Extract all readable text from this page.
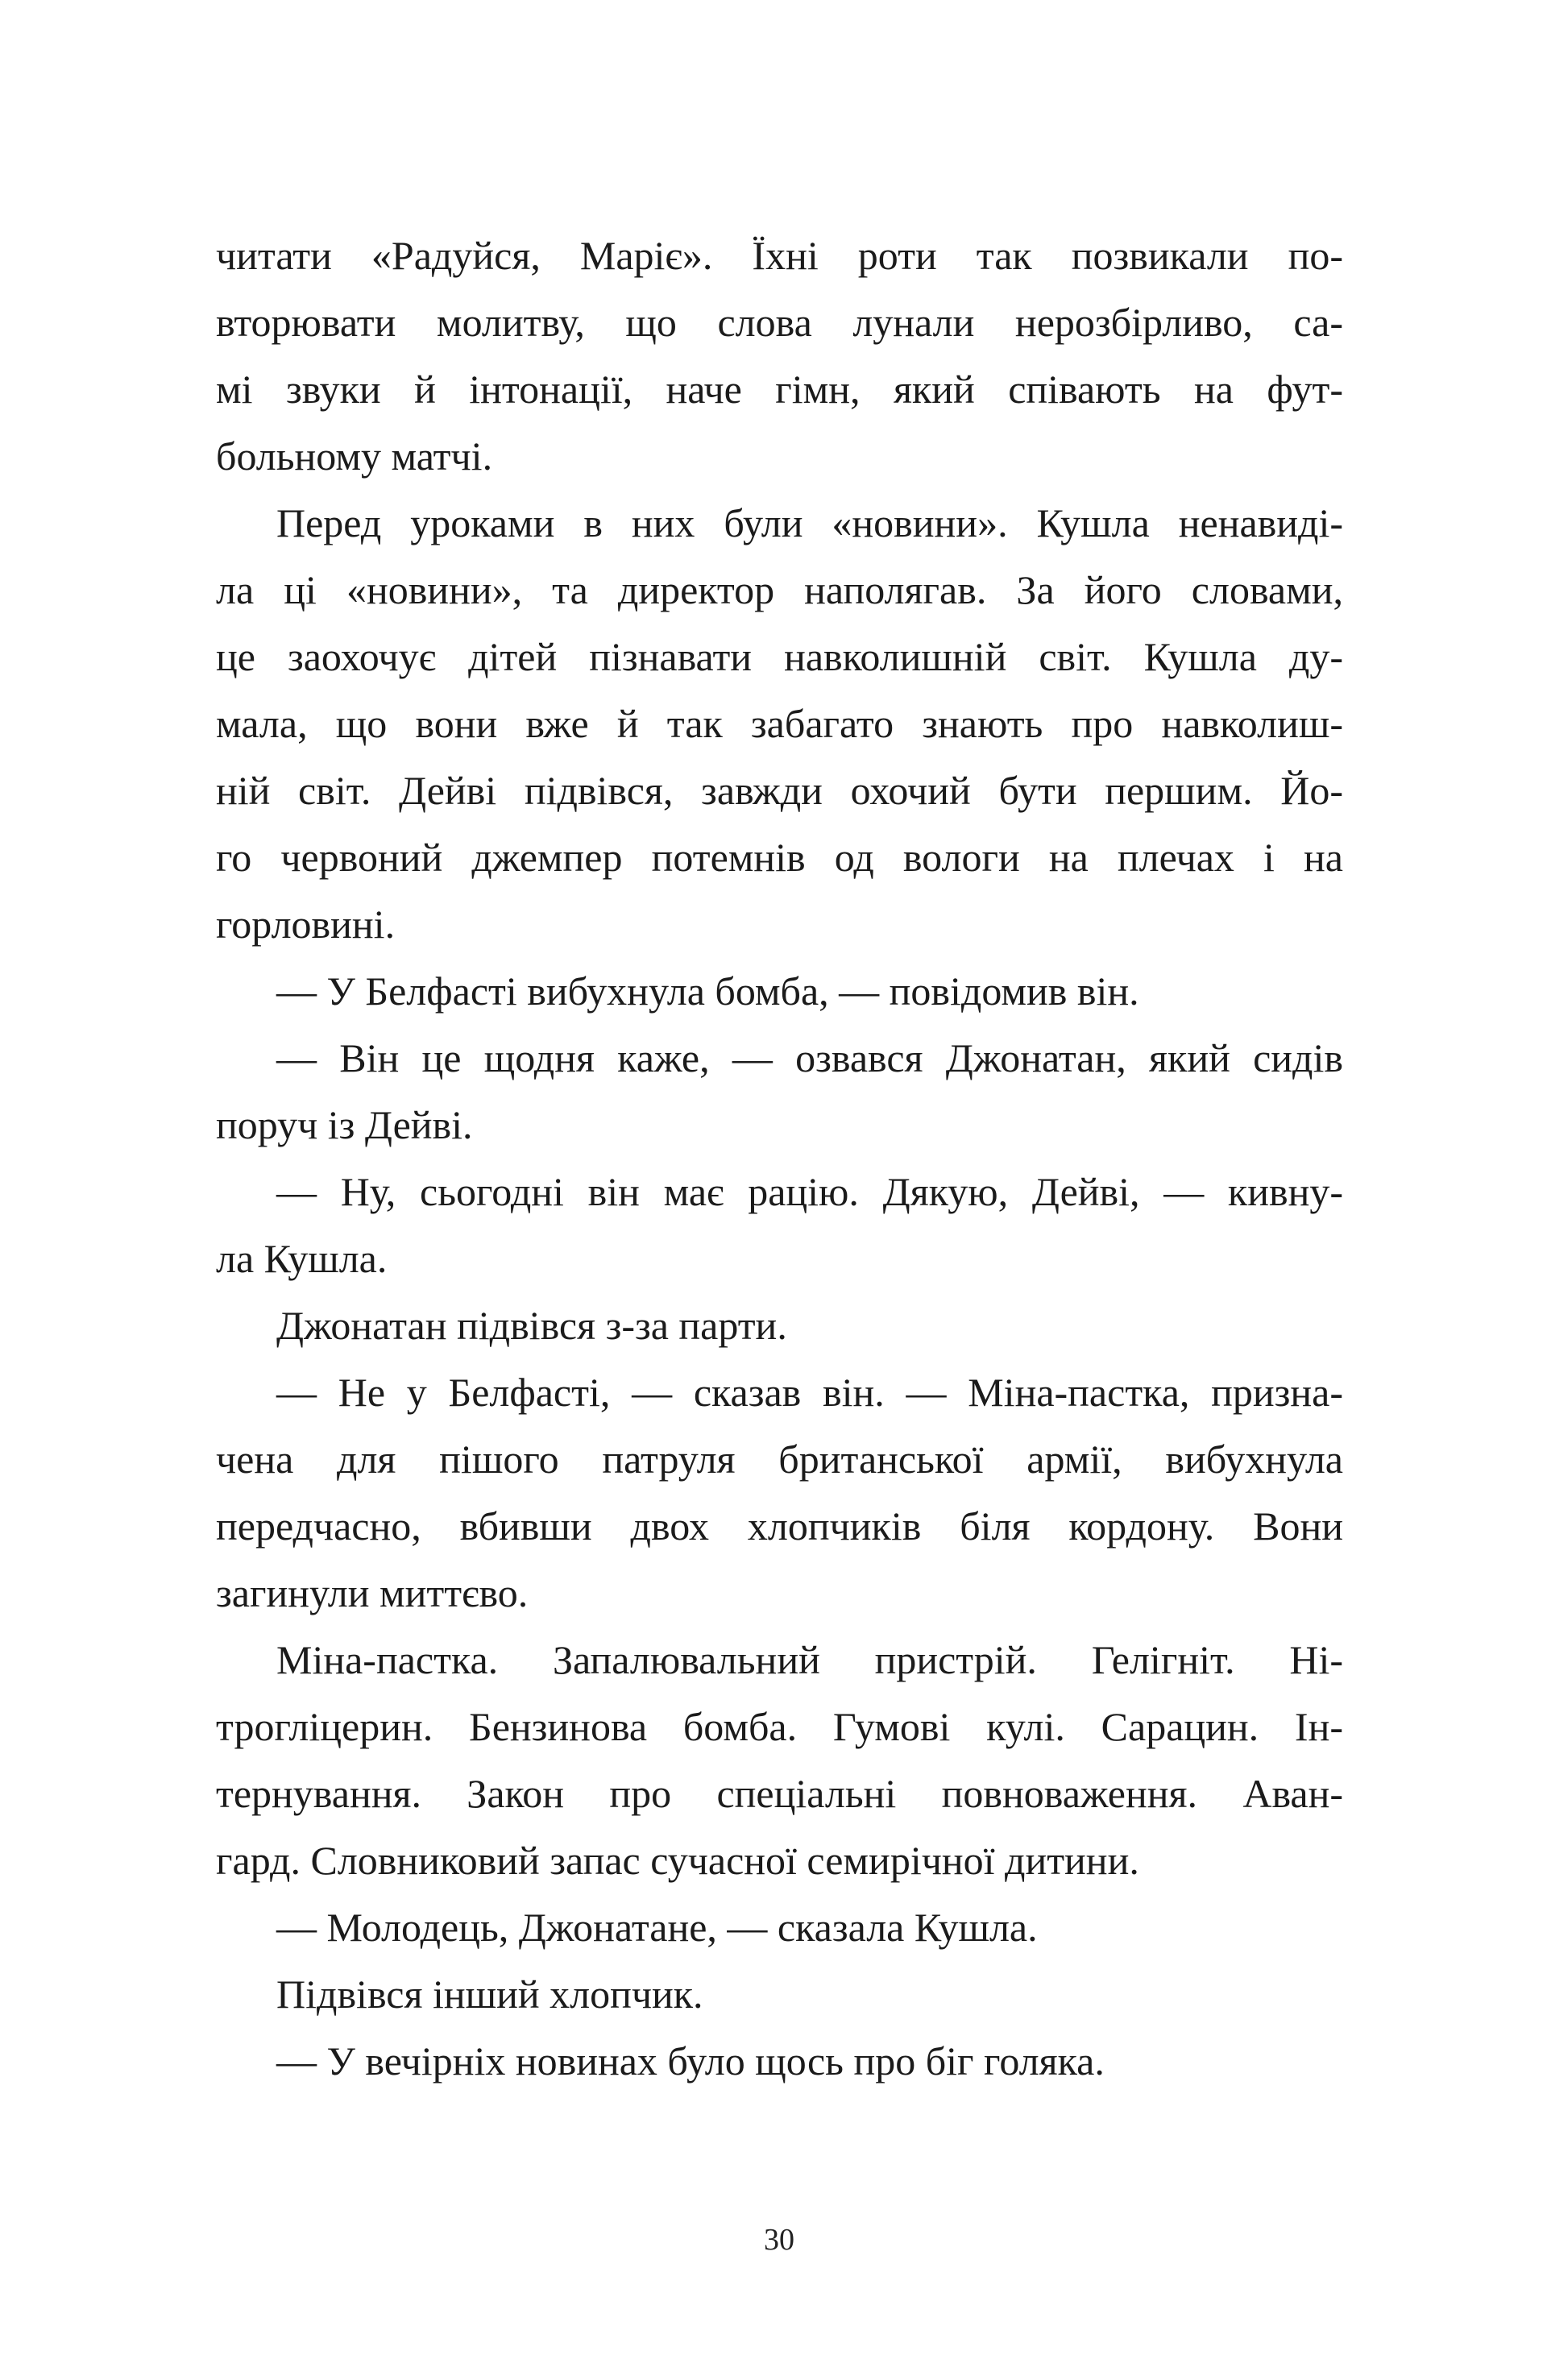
читати «Радуйся, Маріє». Їхні роти так позвикали по-
вторювати молитву, що слова лунали нерозбірливо, са-
мі звуки й інтонації, наче гімн, який співають на фут-
больному матчі.
Перед уроками в них були «новини». Кушла ненавиді-
ла ці «новини», та директор наполягав. За його словами,
це заохочує дітей пізнавати навколишній світ. Кушла ду-
мала, що вони вже й так забагато знають про навколиш-
ній світ. Дейві підвівся, завжди охочий бути першим. Йо-
го червоний джемпер потемнів од вологи на плечах і на
горловині.
— У Белфасті вибухнула бомба, — повідомив він.
— Він це щодня каже, — озвався Джонатан, який сидів
поруч із Дейві.
— Ну, сьогодні він має рацію. Дякую, Дейві, — кивну-
ла Кушла.
Джонатан підвівся з-за парти.
— Не у Белфасті, — сказав він. — Міна-пастка, призна-
чена для пішого патруля британської армії, вибухнула
передчасно, вбивши двох хлопчиків біля кордону. Вони
загинули миттєво.
Міна-пастка. Запалювальний пристрій. Гелігніт. Ні-
трогліцерин. Бензинова бомба. Гумові кулі. Сарацин. Ін-
тернування. Закон про спеціальні повноваження. Аван-
гард. Словниковий запас сучасної семирічної дитини.
— Молодець, Джонатане, — сказала Кушла.
Підвівся інший хлопчик.
— У вечірніх новинах було щось про біг голяка.
30
